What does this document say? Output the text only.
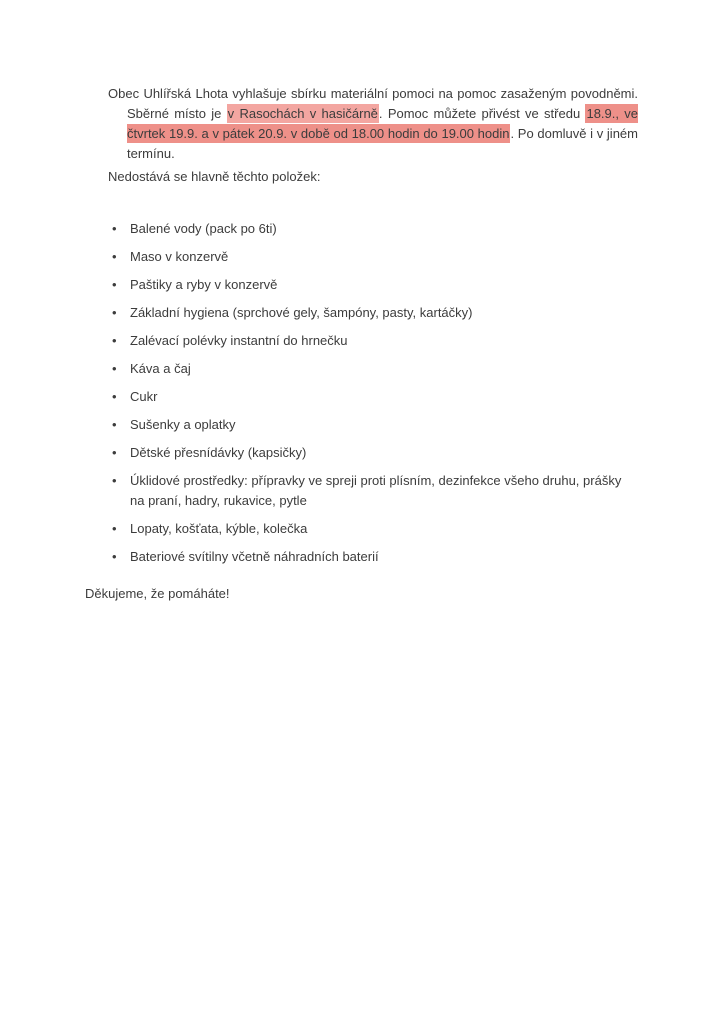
Obec Uhlířská Lhota vyhlašuje sbírku materiální pomoci na pomoc zasaženým povodněmi. Sběrné místo je v Rasochách v hasičárně. Pomoc můžete přivést ve středu 18.9., ve čtvrtek 19.9. a v pátek 20.9. v době od 18.00 hodin do 19.00 hodin. Po domluvě i v jiném termínu.

Nedostává se hlavně těchto položek:

• Balené vody (pack po 6ti)
• Maso v konzervě
• Paštiky a ryby v konzervě
• Základní hygiena (sprchové gely, šampóny, pasty, kartáčky)
• Zalévací polévky instantní do hrnečku
• Káva a čaj
• Cukr
• Sušenky a oplatky
• Dětské přesnídávky (kapsičky)
• Úklidové prostředky: přípravky ve spreji proti plísním, dezinfekce všeho druhu, prášky na praní, hadry, rukavice, pytle
• Lopaty, košťata, kýble, kolečka
• Bateriové svítilny včetně náhradních baterií

Děkujeme, že pomáháte!
